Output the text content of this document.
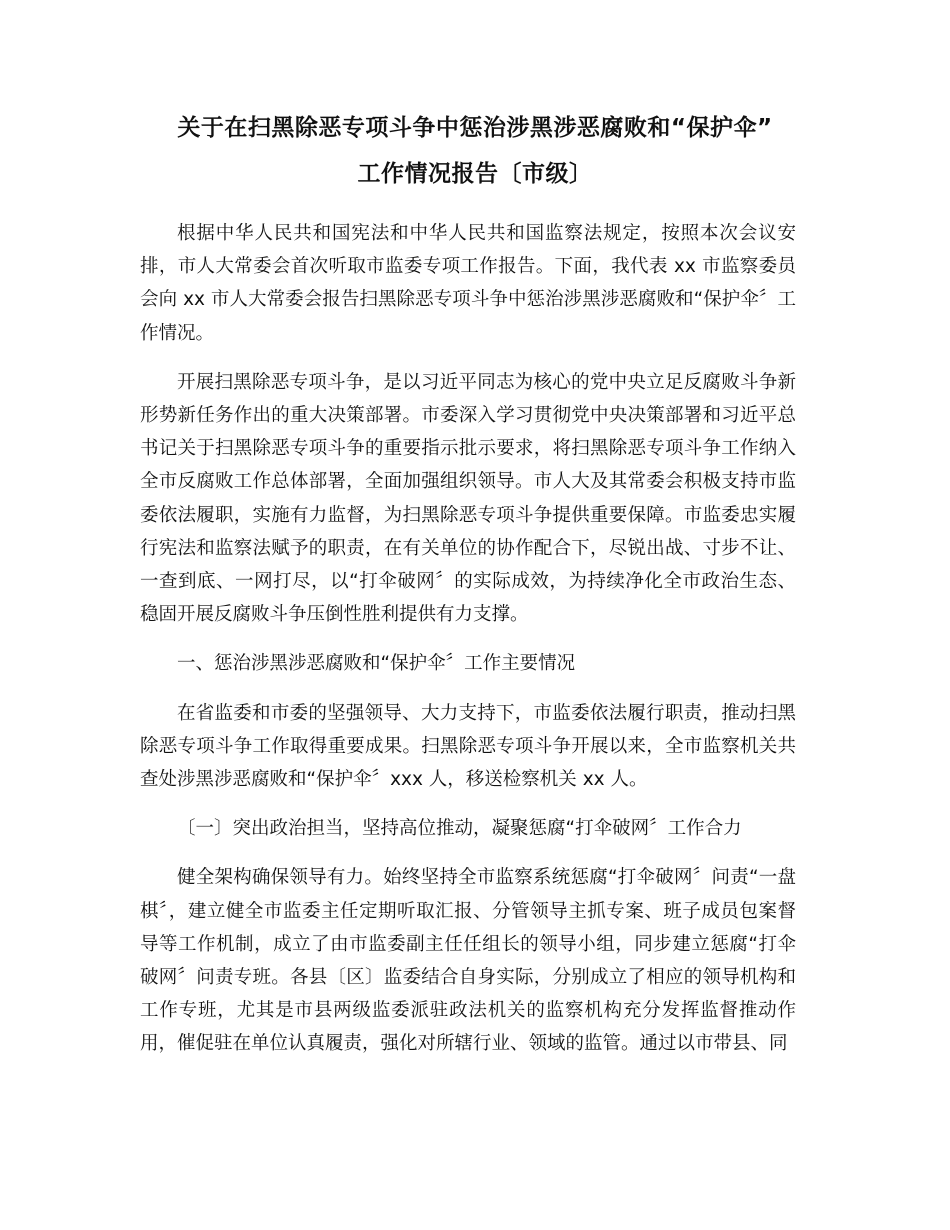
关于在扫黑除恶专项斗争中惩治涉黑涉恶腐败和“保护伞”
工作情况报告〔市级〕

根据中华人民共和国宪法和中华人民共和国监察法规定，按照本次会议安排，市人大常委会首次听取市监委专项工作报告。下面，我代表 xx 市监察委员会向 xx 市人大常委会报告扫黑除恶专项斗争中惩治涉黑涉恶腐败和“保护伞〞工作情况。

开展扫黑除恶专项斗争，是以习近平同志为核心的党中央立足反腐败斗争新形势新任务作出的重大决策部署。市委深入学习贯彻党中央决策部署和习近平总书记关于扫黑除恶专项斗争的重要指示批示要求，将扫黑除恶专项斗争工作纳入全市反腐败工作总体部署，全面加强组织领导。市人大及其常委会积极支持市监委依法履职，实施有力监督，为扫黑除恶专项斗争提供重要保障。市监委忠实履行宪法和监察法赋予的职责，在有关单位的协作配合下，尽锐出战、寸步不让、一查到底、一网打尽，以“打伞破网〞的实际成效，为持续净化全市政治生态、稳固开展反腐败斗争压倒性胜利提供有力支撑。

一、惩治涉黑涉恶腐败和“保护伞〞工作主要情况

在省监委和市委的坚强领导、大力支持下，市监委依法履行职责，推动扫黑除恶专项斗争工作取得重要成果。扫黑除恶专项斗争开展以来，全市监察机关共查处涉黑涉恶腐败和“保护伞〞xxx 人，移送检察机关 xx 人。

〔一〕突出政治担当，坚持高位推动，凝聚惩腐“打伞破网〞工作合力

健全架构确保领导有力。始终坚持全市监察系统惩腐“打伞破网〞问责“一盘棋〞，建立健全市监委主任定期听取汇报、分管领导主抓专案、班子成员包案督导等工作机制，成立了由市监委副主任任组长的领导小组，同步建立惩腐“打伞破网〞问责专班。各县〔区〕监委结合自身实际，分别成立了相应的领导机构和工作专班，尤其是市县两级监委派驻政法机关的监察机构充分发挥监督推动作用，催促驻在单位认真履责，强化对所辖行业、领域的监管。通过以市带县、同
